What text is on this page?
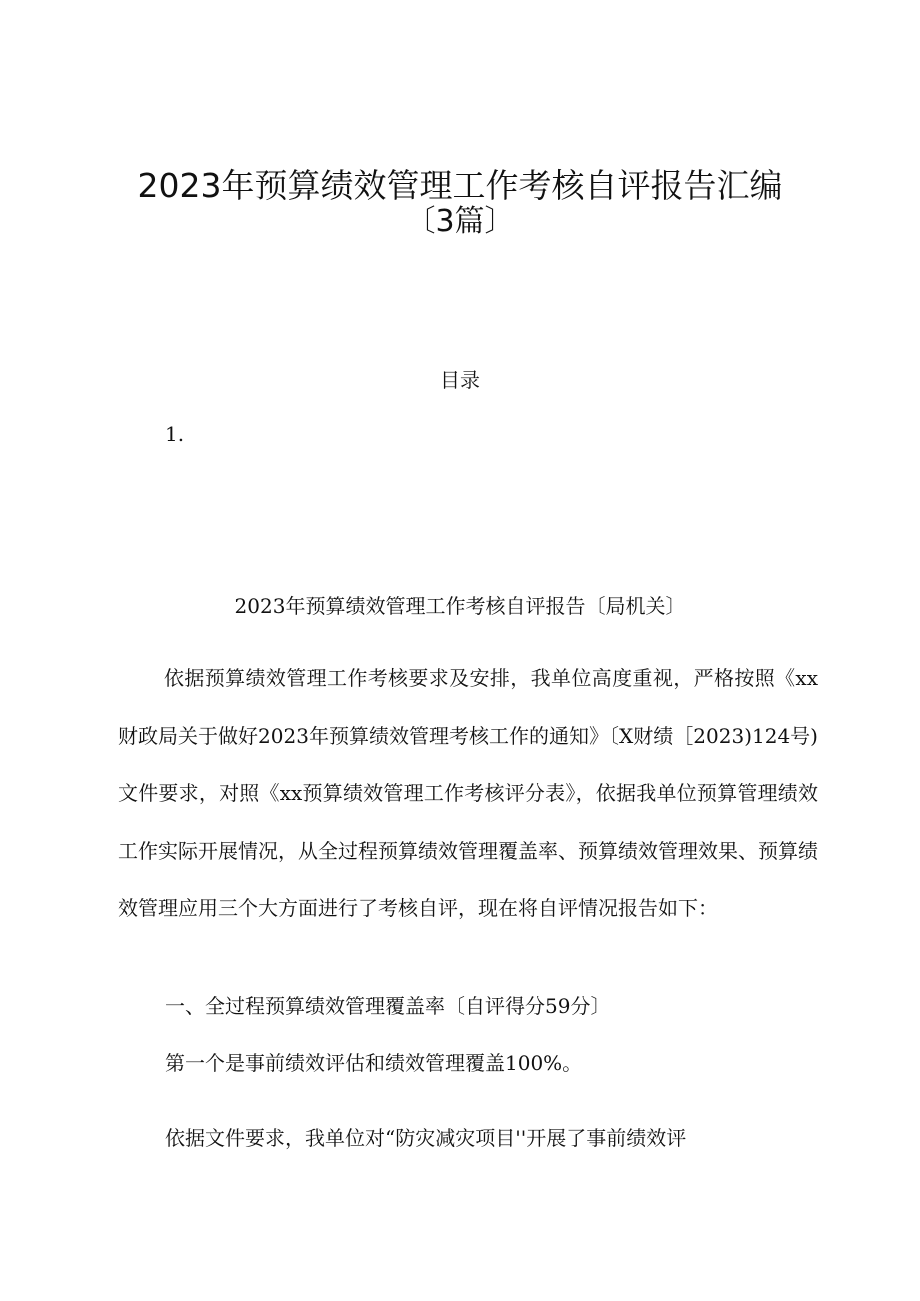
2023年预算绩效管理工作考核自评报告汇编
〔3篇〕
目录
1.
2023年预算绩效管理工作考核自评报告〔局机关〕
依据预算绩效管理工作考核要求及安排，我单位高度重视，严格按照《xx财政局关于做好2023年预算绩效管理考核工作的通知》〔X财绩［2023)124号)文件要求，对照《xx预算绩效管理工作考核评分表》，依据我单位预算管理绩效工作实际开展情况，从全过程预算绩效管理覆盖率、预算绩效管理效果、预算绩效管理应用三个大方面进行了考核自评，现在将自评情况报告如下：
一、全过程预算绩效管理覆盖率〔自评得分59分〕
第一个是事前绩效评估和绩效管理覆盖100%。
依据文件要求，我单位对“防灾减灾项目''开展了事前绩效评
